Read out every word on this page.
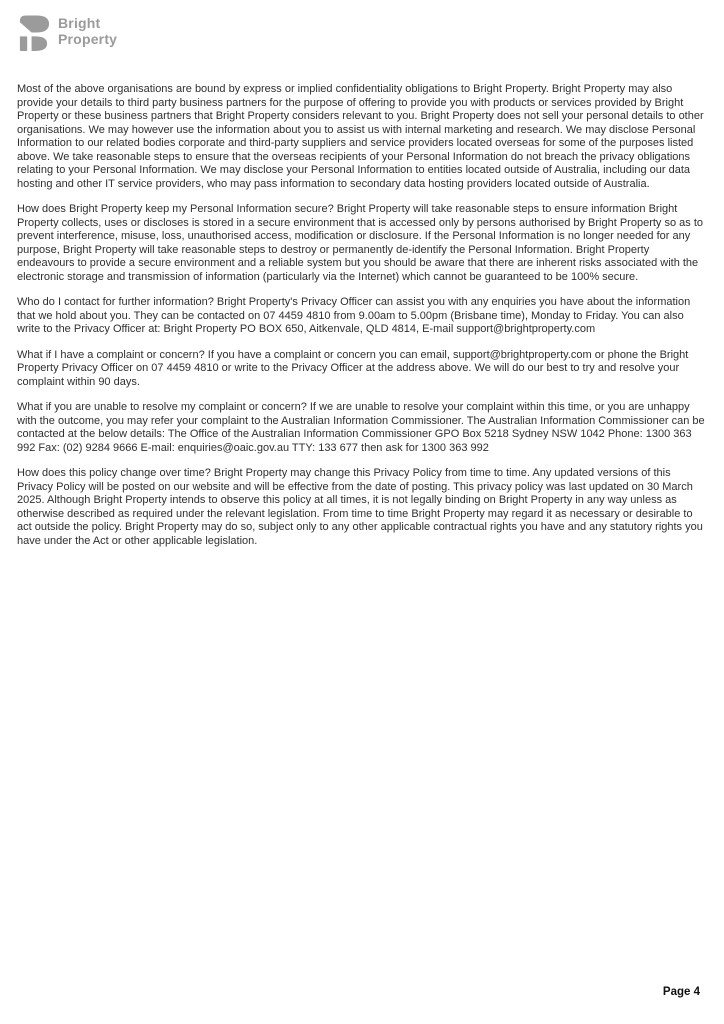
Bright
Property

Most of the above organisations are bound by express or implied confidentiality obligations to Bright Property. Bright Property may also provide your details to third party business partners for the purpose of offering to provide you with products or services provided by Bright Property or these business partners that Bright Property considers relevant to you. Bright Property does not sell your personal details to other organisations. We may however use the information about you to assist us with internal marketing and research. We may disclose Personal Information to our related bodies corporate and third-party suppliers and service providers located overseas for some of the purposes listed above. We take reasonable steps to ensure that the overseas recipients of your Personal Information do not breach the privacy obligations relating to your Personal Information. We may disclose your Personal Information to entities located outside of Australia, including our data hosting and other IT service providers, who may pass information to secondary data hosting providers located outside of Australia.

How does Bright Property keep my Personal Information secure? Bright Property will take reasonable steps to ensure information Bright Property collects, uses or discloses is stored in a secure environment that is accessed only by persons authorised by Bright Property so as to prevent interference, misuse, loss, unauthorised access, modification or disclosure. If the Personal Information is no longer needed for any purpose, Bright Property will take reasonable steps to destroy or permanently de-identify the Personal Information. Bright Property endeavours to provide a secure environment and a reliable system but you should be aware that there are inherent risks associated with the electronic storage and transmission of information (particularly via the Internet) which cannot be guaranteed to be 100% secure.

Who do I contact for further information? Bright Property's Privacy Officer can assist you with any enquiries you have about the information that we hold about you. They can be contacted on 07 4459 4810 from 9.00am to 5.00pm (Brisbane time), Monday to Friday. You can also write to the Privacy Officer at: Bright Property PO BOX 650, Aitkenvale, QLD 4814, E-mail support@brightproperty.com

What if I have a complaint or concern? If you have a complaint or concern you can email, support@brightproperty.com or phone the Bright Property Privacy Officer on 07 4459 4810 or write to the Privacy Officer at the address above. We will do our best to try and resolve your complaint within 90 days.

What if you are unable to resolve my complaint or concern? If we are unable to resolve your complaint within this time, or you are unhappy with the outcome, you may refer your complaint to the Australian Information Commissioner. The Australian Information Commissioner can be contacted at the below details: The Office of the Australian Information Commissioner GPO Box 5218 Sydney NSW 1042 Phone: 1300 363 992 Fax: (02) 9284 9666 E-mail: enquiries@oaic.gov.au TTY: 133 677 then ask for 1300 363 992

How does this policy change over time? Bright Property may change this Privacy Policy from time to time. Any updated versions of this Privacy Policy will be posted on our website and will be effective from the date of posting. This privacy policy was last updated on 30 March 2025. Although Bright Property intends to observe this policy at all times, it is not legally binding on Bright Property in any way unless as otherwise described as required under the relevant legislation. From time to time Bright Property may regard it as necessary or desirable to act outside the policy. Bright Property may do so, subject only to any other applicable contractual rights you have and any statutory rights you have under the Act or other applicable legislation.

Page 4
